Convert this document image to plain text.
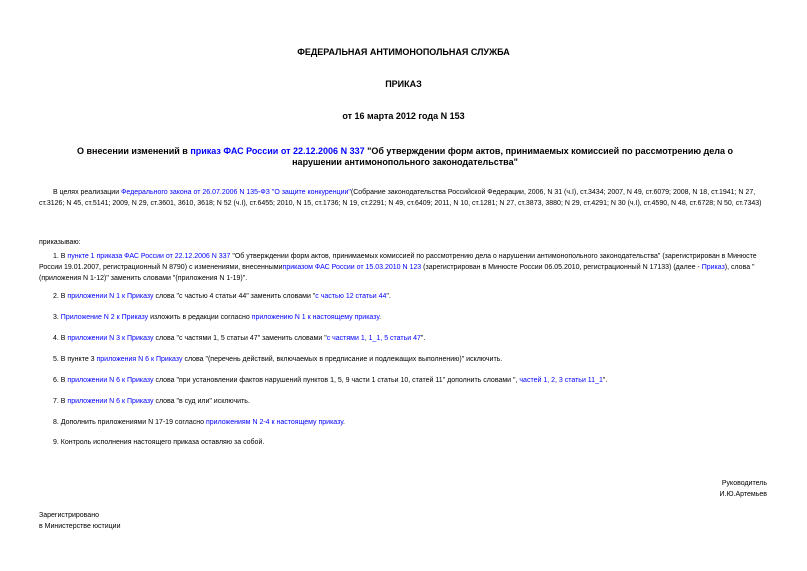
ФЕДЕРАЛЬНАЯ АНТИМОНОПОЛЬНАЯ СЛУЖБА
ПРИКАЗ
от 16 марта 2012 года N 153
О внесении изменений в приказ ФАС России от 22.12.2006 N 337 "Об утверждении форм актов, принимаемых комиссией по рассмотрению дела о нарушении антимонопольного законодательства"
В целях реализации Федерального закона от 26.07.2006 N 135-ФЗ "О защите конкуренции"(Собрание законодательства Российской Федерации, 2006, N 31 (ч.I), ст.3434; 2007, N 49, ст.6079; 2008, N 18, ст.1941; N 27, ст.3126; N 45, ст.5141; 2009, N 29, ст.3601, 3610, 3618; N 52 (ч.I), ст.6455; 2010, N 15, ст.1736; N 19, ст.2291; N 49, ст.6409; 2011, N 10, ст.1281; N 27, ст.3873, 3880; N 29, ст.4291; N 30 (ч.I), ст.4590, N 48, ст.6728; N 50, ст.7343)
приказываю:
1. В пункте 1 приказа ФАС России от 22.12.2006 N 337 "Об утверждении форм актов, принимаемых комиссией по рассмотрению дела о нарушении антимонопольного законодательства" (зарегистрирован в Минюсте России 19.01.2007, регистрационный N 8790) с изменениями, внесеннымиприказом ФАС России от 15.03.2010 N 123 (зарегистрирован в Минюсте России 06.05.2010, регистрационный N 17133) (далее - Приказ), слова "(приложения N 1-12)" заменить словами "(приложения N 1-19)".
2. В приложении N 1 к Приказу слова "с частью 4 статьи 44" заменить словами "с частью 12 статьи 44".
3. Приложение N 2 к Приказу изложить в редакции согласно приложению N 1 к настоящему приказу.
4. В приложении N 3 к Приказу слова "с частями 1, 5 статьи 47" заменить словами "с частями 1, 1_1, 5 статьи 47".
5. В пункте 3 приложения N 6 к Приказу слова "(перечень действий, включаемых в предписание и подлежащих выполнению)" исключить.
6. В приложении N 6 к Приказу слова "при установлении фактов нарушений пунктов 1, 5, 9 части 1 статьи 10, статей 11" дополнить словами ", частей 1, 2, 3 статьи 11_1".
7. В приложении N 6 к Приказу слова "в суд или" исключить.
8. Дополнить приложениями N 17-19 согласно приложениям N 2-4 к настоящему приказу.
9. Контроль исполнения настоящего приказа оставляю за собой.
Руководитель
И.Ю.Артемьев
Зарегистрировано
в Министерстве юстиции
